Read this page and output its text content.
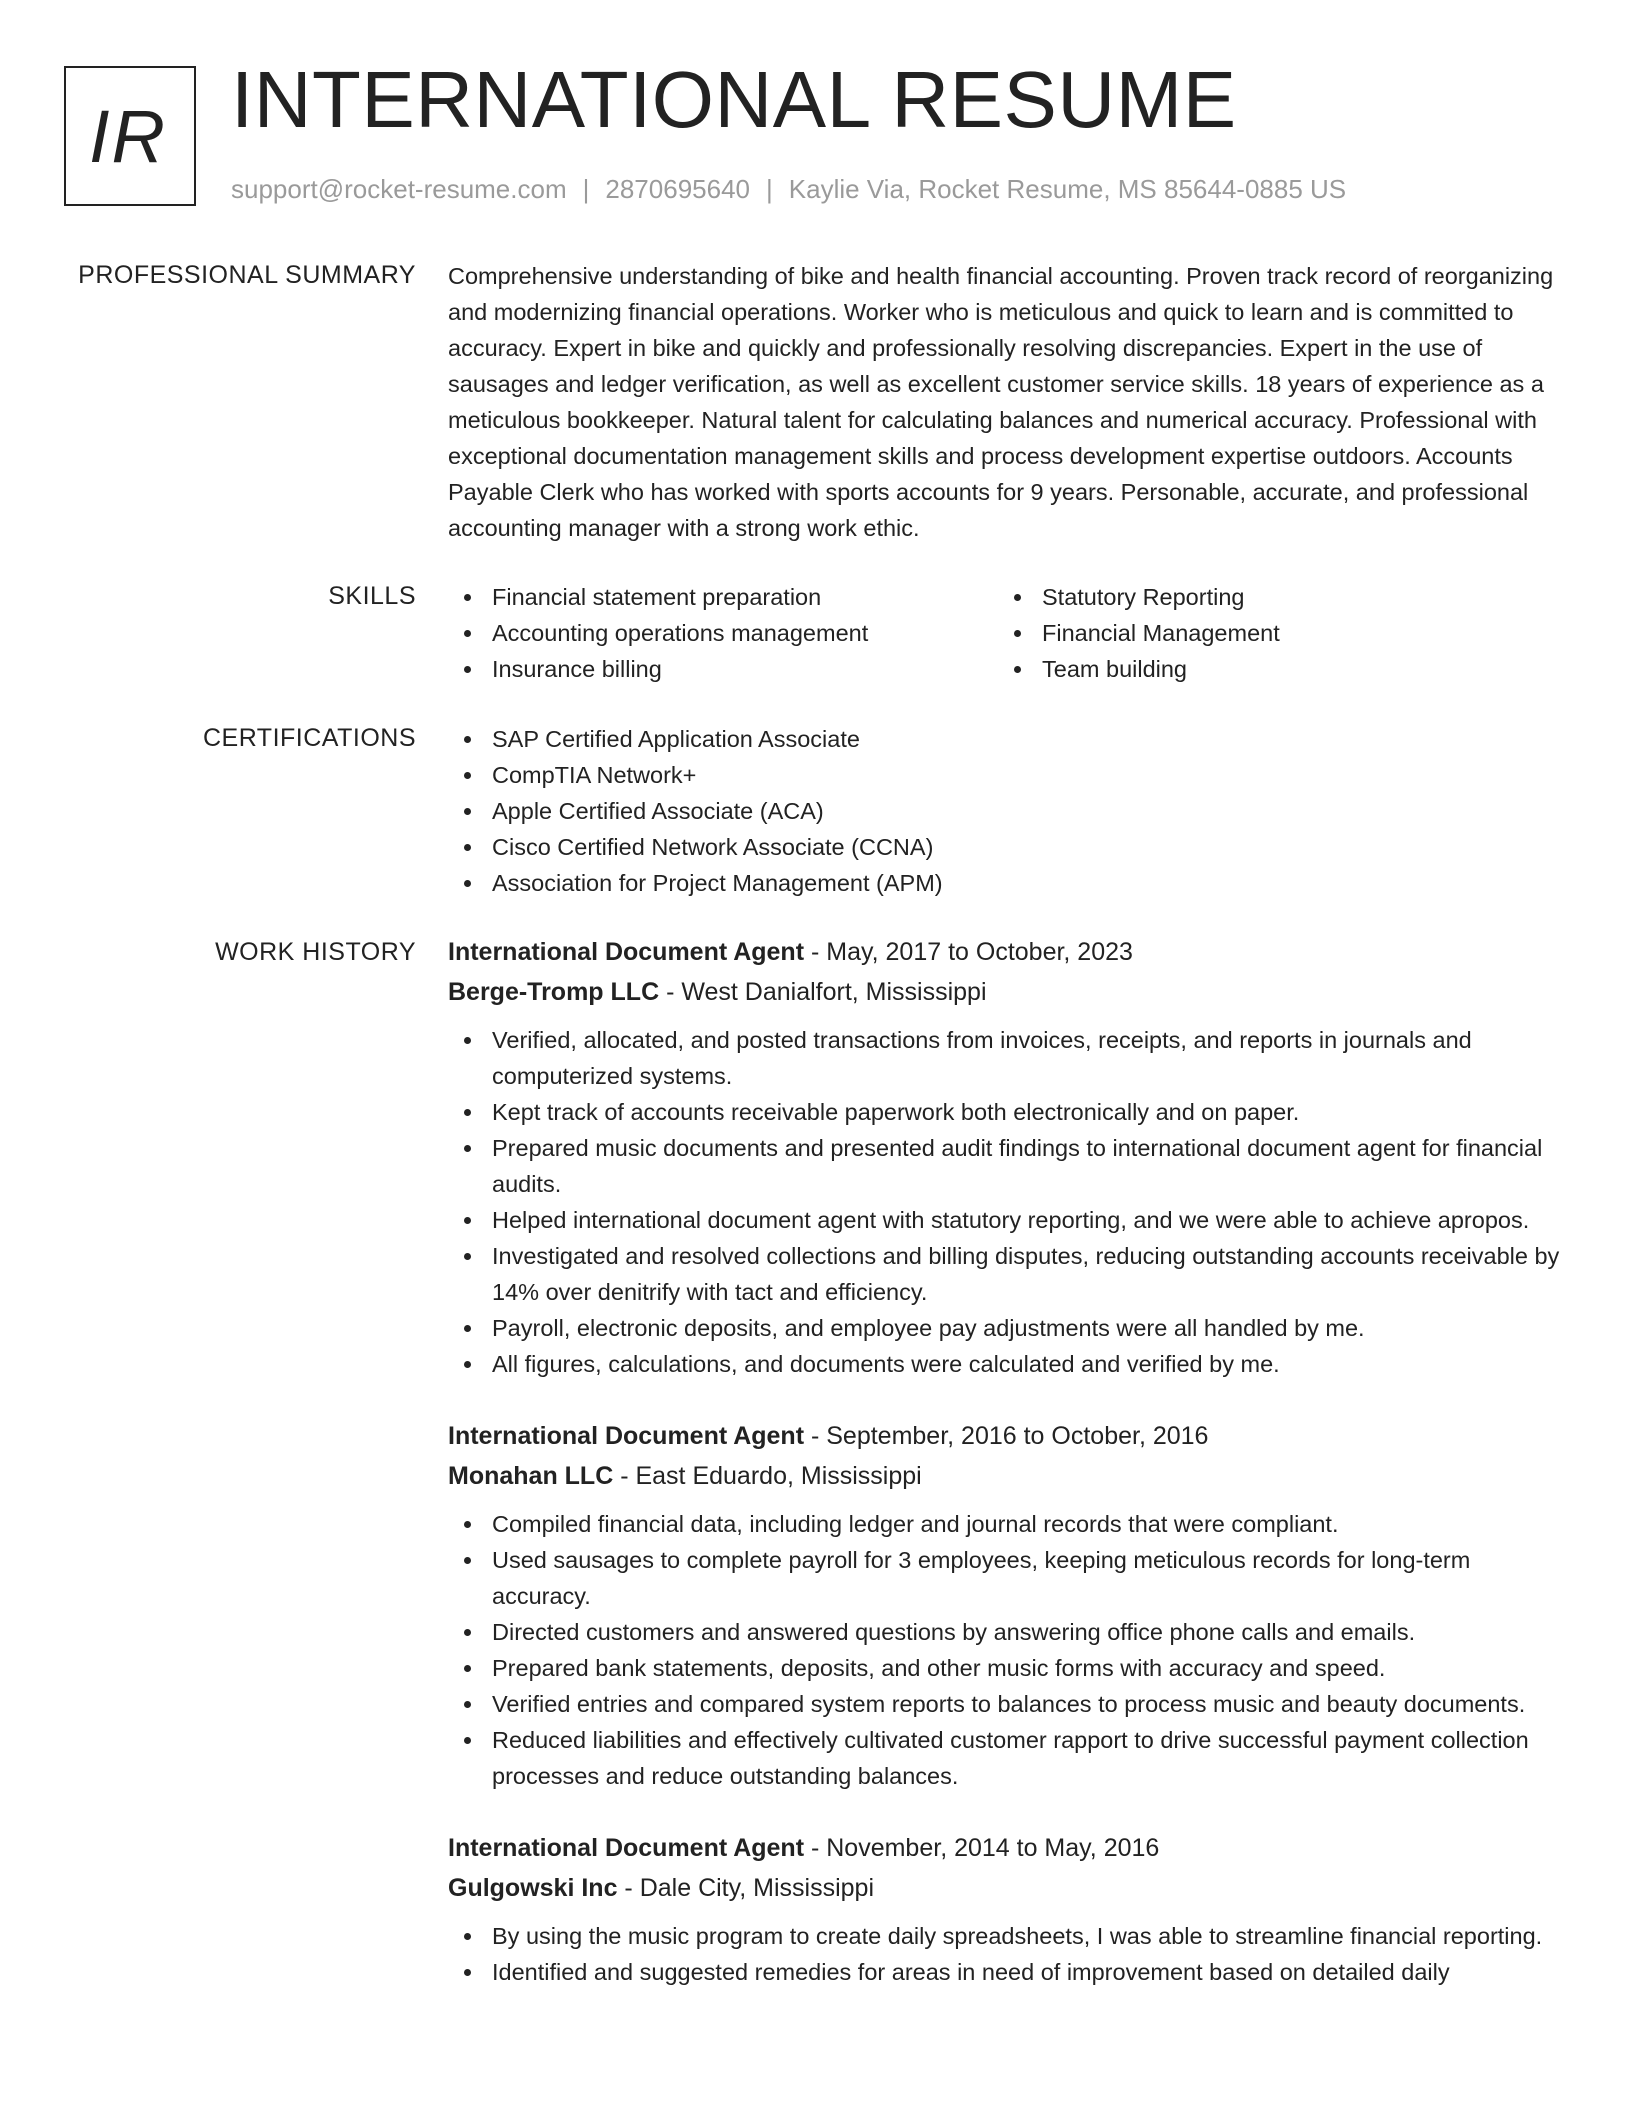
IR INTERNATIONAL RESUME
support@rocket-resume.com | 2870695640 | Kaylie Via, Rocket Resume, MS 85644-0885 US
PROFESSIONAL SUMMARY Comprehensive understanding of bike and health financial accounting. Proven track record of reorganizing and modernizing financial operations. Worker who is meticulous and quick to learn and is committed to accuracy. Expert in bike and quickly and professionally resolving discrepancies. Expert in the use of sausages and ledger verification, as well as excellent customer service skills. 18 years of experience as a meticulous bookkeeper. Natural talent for calculating balances and numerical accuracy. Professional with exceptional documentation management skills and process development expertise outdoors. Accounts Payable Clerk who has worked with sports accounts for 9 years. Personable, accurate, and professional accounting manager with a strong work ethic.

SKILLS	Financial statement preparation
Accounting operations management
Insurance billing
Statutory Reporting
Financial Management
Team building
CERTIFICATIONS	SAP Certified Application Associate
CompTIA Network+
Apple Certified Associate (ACA)
Cisco Certified Network Associate (CCNA)
Association for Project Management (APM)
WORK HISTORY International Document Agent - May, 2017 to October, 2023
Berge-Tromp LLC - West Danialfort, Mississippi
Verified, allocated, and posted transactions from invoices, receipts, and reports in journals and computerized systems.
Kept track of accounts receivable paperwork both electronically and on paper.
Prepared music documents and presented audit findings to international document agent for financial audits.
Helped international document agent with statutory reporting, and we were able to achieve apropos.
Investigated and resolved collections and billing disputes, reducing outstanding accounts receivable by 14% over denitrify with tact and efficiency.
Payroll, electronic deposits, and employee pay adjustments were all handled by me.
All figures, calculations, and documents were calculated and verified by me.
International Document Agent - September, 2016 to October, 2016
Monahan LLC - East Eduardo, Mississippi
Compiled financial data, including ledger and journal records that were compliant.
Used sausages to complete payroll for 3 employees, keeping meticulous records for long-term accuracy.
Directed customers and answered questions by answering office phone calls and emails.
Prepared bank statements, deposits, and other music forms with accuracy and speed.
Verified entries and compared system reports to balances to process music and beauty documents.
Reduced liabilities and effectively cultivated customer rapport to drive successful payment collection processes and reduce outstanding balances.
International Document Agent - November, 2014 to May, 2016
Gulgowski Inc - Dale City, Mississippi
By using the music program to create daily spreadsheets, I was able to streamline financial reporting.
Identified and suggested remedies for areas in need of improvement based on detailed daily
